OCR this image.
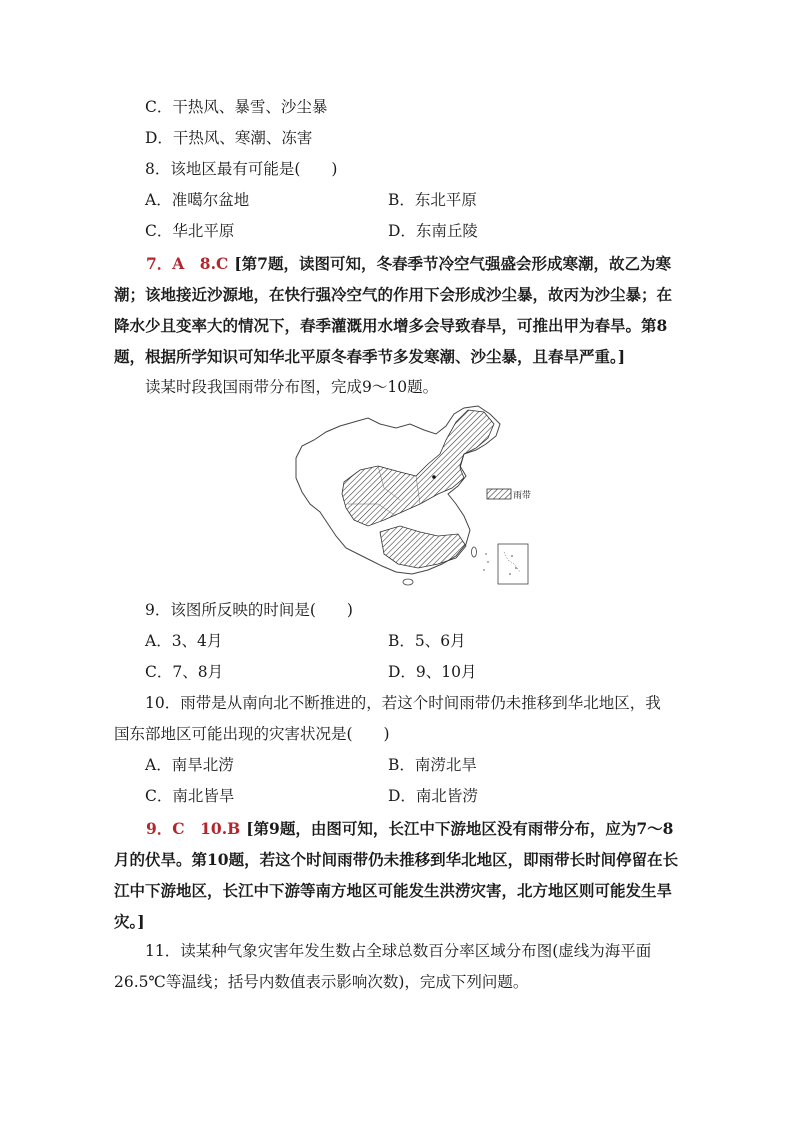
C．干热风、暴雪、沙尘暴
D．干热风、寒潮、冻害
8．该地区最有可能是(　　)
A．准噶尔盆地	B．东北平原
C．华北平原	D．东南丘陵
7．A　8.C [第7题，读图可知，冬春季节冷空气强盛会形成寒潮，故乙为寒潮；该地接近沙源地，在快行强冷空气的作用下会形成沙尘暴，故丙为沙尘暴；在降水少且变率大的情况下，春季灌溉用水增多会导致春旱，可推出甲为春旱。第8题，根据所学知识可知华北平原冬春季节多发寒潮、沙尘暴，且春旱严重。]
读某时段我国雨带分布图，完成9～10题。
雨带
9．该图所反映的时间是(　　)
A．3、4月	B．5、6月
C．7、8月	D．9、10月
10．雨带是从南向北不断推进的，若这个时间雨带仍未推移到华北地区，我
国东部地区可能出现的灾害状况是(　　)
A．南旱北涝	B．南涝北旱
C．南北皆旱	D．南北皆涝
9．C　10.B [第9题，由图可知，长江中下游地区没有雨带分布，应为7～8月的伏旱。第10题，若这个时间雨带仍未推移到华北地区，即雨带长时间停留在长江中下游地区，长江中下游等南方地区可能发生洪涝灾害，北方地区则可能发生旱灾。]
11．读某种气象灾害年发生数占全球总数百分率区域分布图(虚线为海平面
26.5℃等温线；括号内数值表示影响次数)，完成下列问题。
